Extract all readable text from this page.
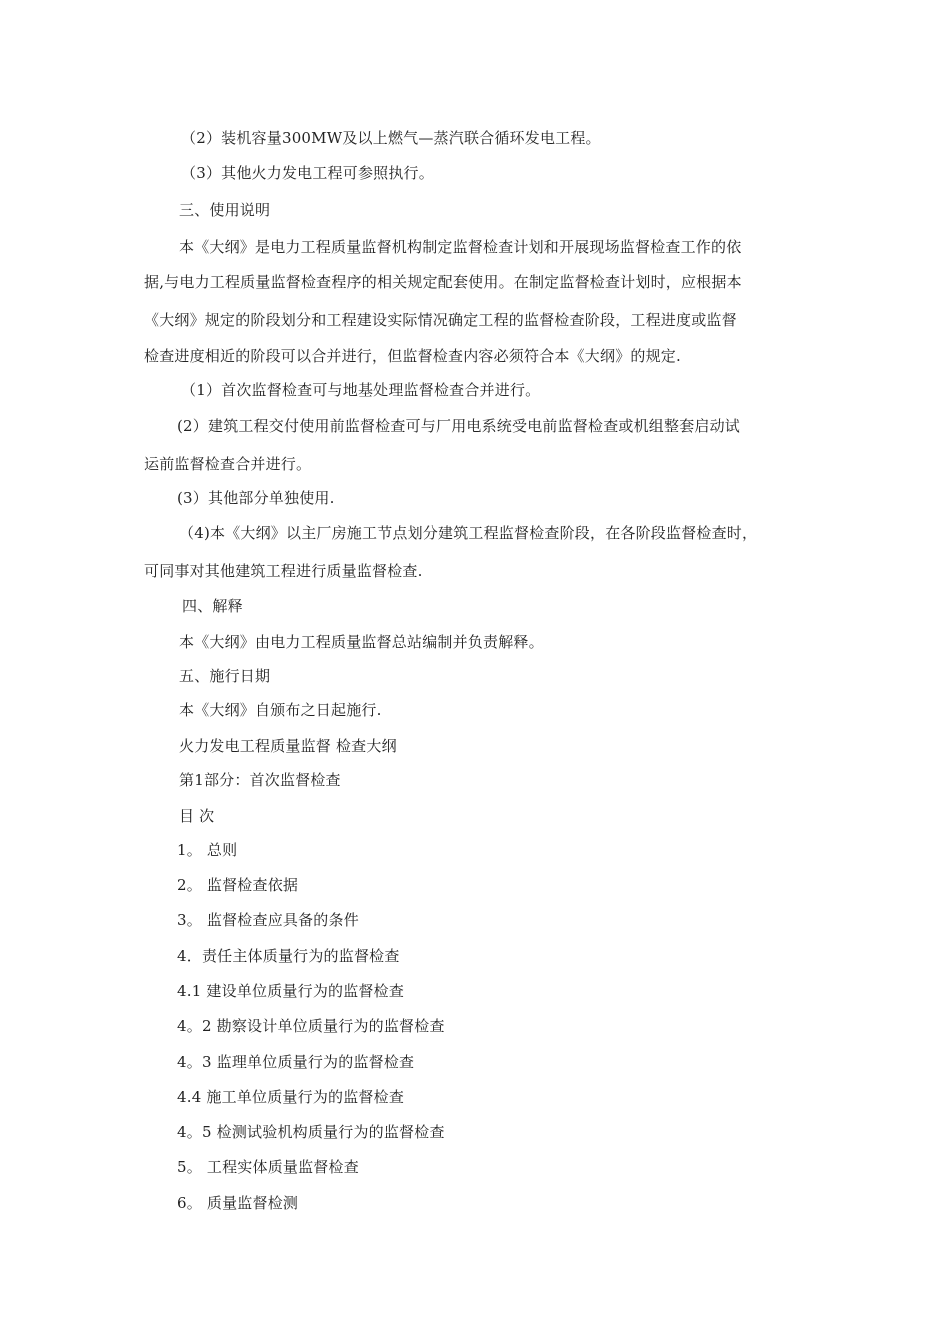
（2）装机容量300MW及以上燃气—蒸汽联合循环发电工程。
（3）其他火力发电工程可参照执行。
三、使用说明
本《大纲》是电力工程质量监督机构制定监督检查计划和开展现场监督检查工作的依
据,与电力工程质量监督检查程序的相关规定配套使用。在制定监督检查计划时，应根据本
《大纲》规定的阶段划分和工程建设实际情况确定工程的监督检查阶段，工程进度或监督
检查进度相近的阶段可以合并进行，但监督检查内容必须符合本《大纲》的规定.
（1）首次监督检查可与地基处理监督检查合并进行。
(2）建筑工程交付使用前监督检查可与厂用电系统受电前监督检查或机组整套启动试
运前监督检查合并进行。
(3）其他部分单独使用.
（4)本《大纲》以主厂房施工节点划分建筑工程监督检查阶段，在各阶段监督检查时，
可同事对其他建筑工程进行质量监督检查.
四、解释
本《大纲》由电力工程质量监督总站编制并负责解释。
五、施行日期
本《大纲》自颁布之日起施行.
火力发电工程质量监督 检查大纲
第1部分：首次监督检查
目 次
1。 总则
2。 监督检查依据
3。 监督检查应具备的条件
4．责任主体质量行为的监督检查
4.1 建设单位质量行为的监督检查
4。2 勘察设计单位质量行为的监督检查
4。3 监理单位质量行为的监督检查
4.4 施工单位质量行为的监督检查
4。5 检测试验机构质量行为的监督检查
5。 工程实体质量监督检查
6。 质量监督检测
